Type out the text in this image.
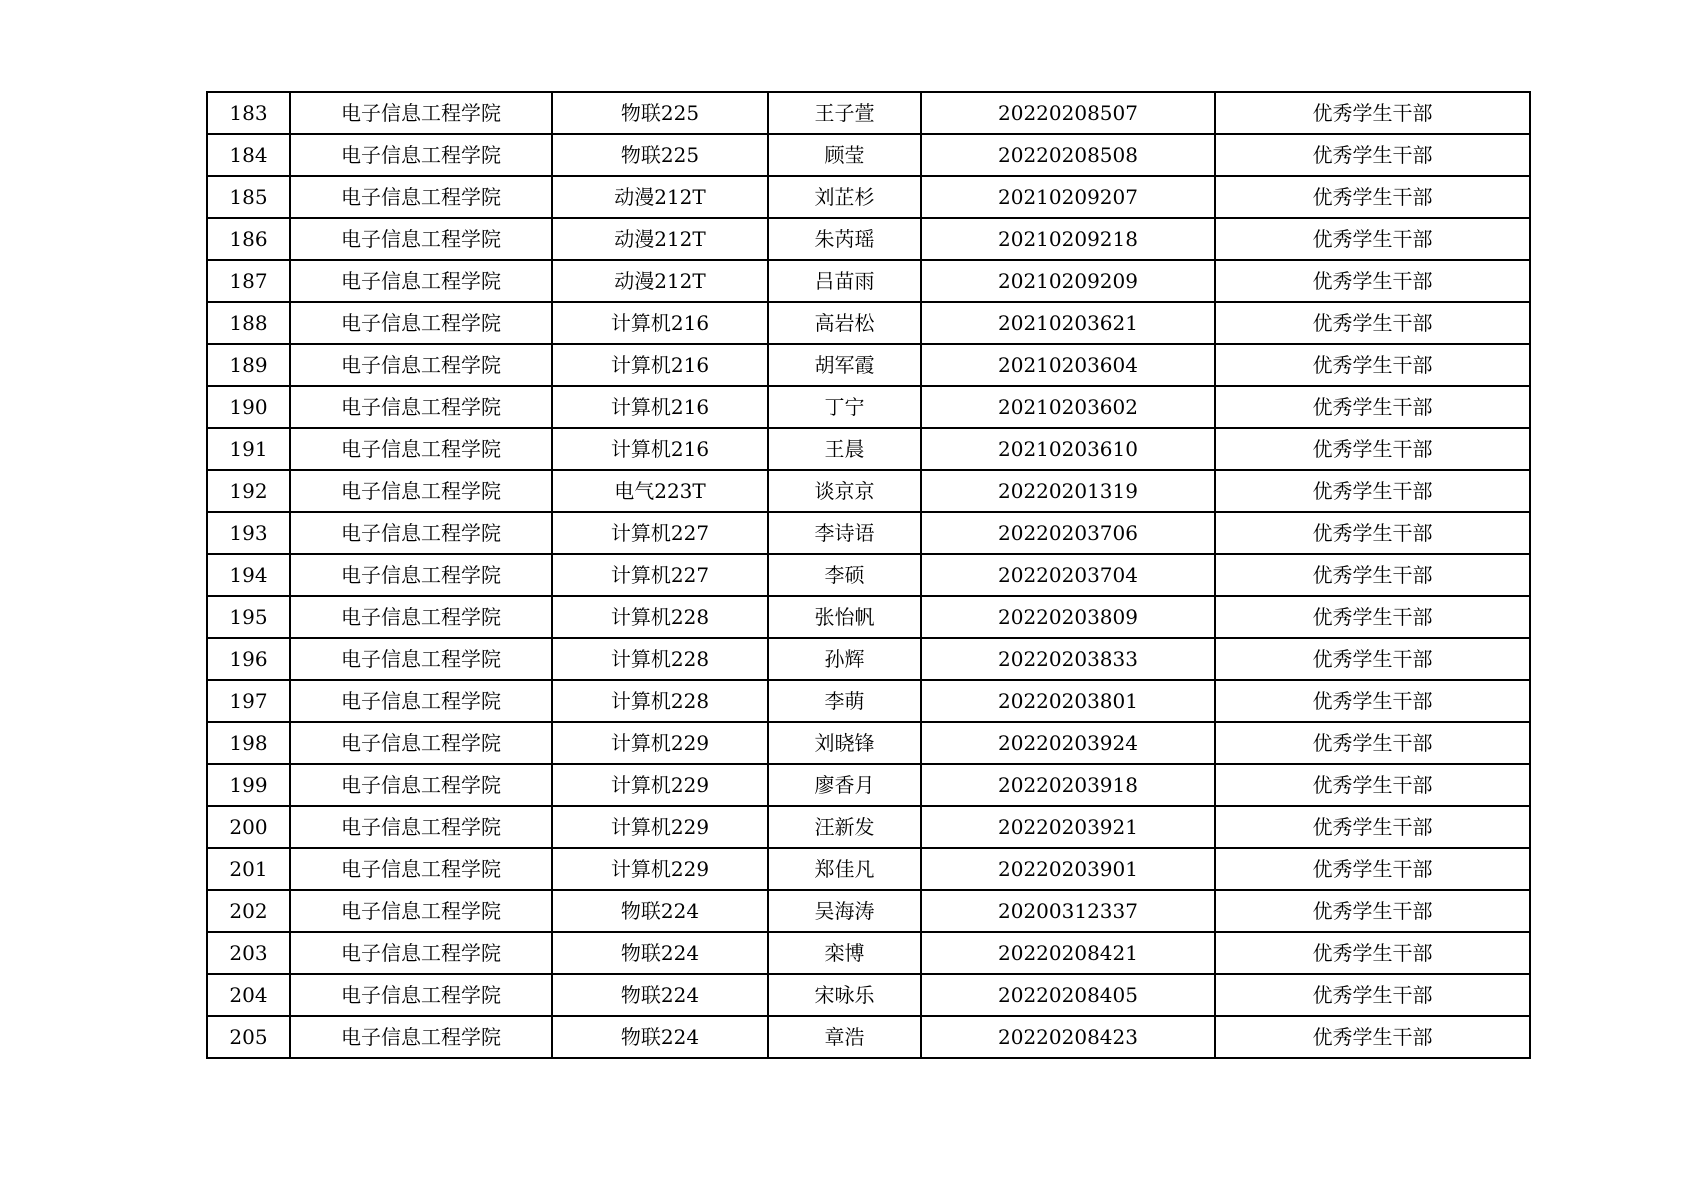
183	电子信息工程学院	物联225	王子萱	20220208507	优秀学生干部
184	电子信息工程学院	物联225	顾莹	20220208508	优秀学生干部
185	电子信息工程学院	动漫212T	刘芷杉	20210209207	优秀学生干部
186	电子信息工程学院	动漫212T	朱芮瑶	20210209218	优秀学生干部
187	电子信息工程学院	动漫212T	吕苗雨	20210209209	优秀学生干部
188	电子信息工程学院	计算机216	高岩松	20210203621	优秀学生干部
189	电子信息工程学院	计算机216	胡军霞	20210203604	优秀学生干部
190	电子信息工程学院	计算机216	丁宁	20210203602	优秀学生干部
191	电子信息工程学院	计算机216	王晨	20210203610	优秀学生干部
192	电子信息工程学院	电气223T	谈京京	20220201319	优秀学生干部
193	电子信息工程学院	计算机227	李诗语	20220203706	优秀学生干部
194	电子信息工程学院	计算机227	李硕	20220203704	优秀学生干部
195	电子信息工程学院	计算机228	张怡帆	20220203809	优秀学生干部
196	电子信息工程学院	计算机228	孙辉	20220203833	优秀学生干部
197	电子信息工程学院	计算机228	李萌	20220203801	优秀学生干部
198	电子信息工程学院	计算机229	刘晓锋	20220203924	优秀学生干部
199	电子信息工程学院	计算机229	廖香月	20220203918	优秀学生干部
200	电子信息工程学院	计算机229	汪新发	20220203921	优秀学生干部
201	电子信息工程学院	计算机229	郑佳凡	20220203901	优秀学生干部
202	电子信息工程学院	物联224	吴海涛	20200312337	优秀学生干部
203	电子信息工程学院	物联224	栾博	20220208421	优秀学生干部
204	电子信息工程学院	物联224	宋咏乐	20220208405	优秀学生干部
205	电子信息工程学院	物联224	章浩	20220208423	优秀学生干部
